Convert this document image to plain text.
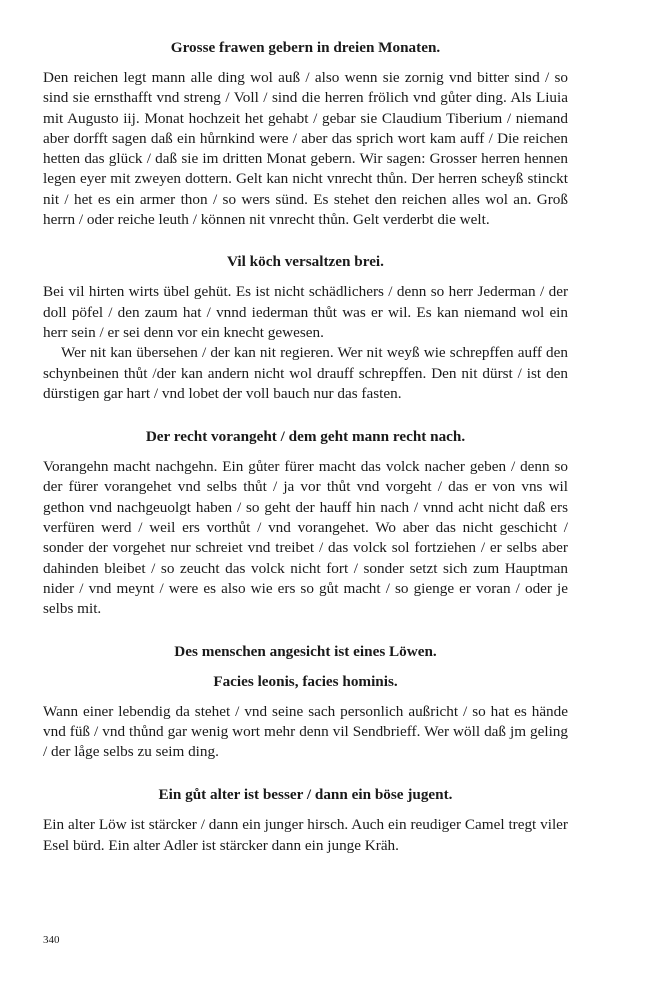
Grosse frawen gebern in dreien Monaten.

Den reichen legt mann alle ding wol auß / also wenn sie zornig vnd bitter sind / so sind sie ernsthafft vnd streng / Voll / sind die herren frölich vnd gůter ding. Als Liuia mit Augusto iij. Monat hochzeit het gehabt / gebar sie Claudium Tiberium / niemand aber dorfft sagen daß ein hůrnkind were / aber das sprich wort kam auff / Die reichen hetten das glück / daß sie im dritten Monat gebern. Wir sagen: Grosser herren hennen legen eyer mit zweyen dottern. Gelt kan nicht vnrecht thůn. Der herren scheyß stinckt nit / het es ein armer thon / so wers sünd. Es stehet den reichen alles wol an. Groß herrn / oder reiche leuth / können nit vnrecht thůn. Gelt verderbt die welt.

Vil köch versaltzen brei.

Bei vil hirten wirts übel gehüt. Es ist nicht schädlichers / denn so herr Jederman / der doll pöfel / den zaum hat / vnnd iederman thůt was er wil. Es kan niemand wol ein herr sein / er sei denn vor ein knecht gewesen.

Wer nit kan übersehen / der kan nit regieren. Wer nit weyß wie schrepffen auff den schynbeinen thůt /der kan andern nicht wol drauff schrepffen. Den nit dürst / ist den dürstigen gar hart / vnd lobet der voll bauch nur das fasten.

Der recht vorangeht / dem geht mann recht nach.

Vorangehn macht nachgehn. Ein gůter fürer macht das volck nacher geben / denn so der fürer vorangehet vnd selbs thůt / ja vor thůt vnd vorgeht / das er von vns wil gethon vnd nachgeuolgt haben / so geht der hauff hin nach / vnnd acht nicht daß ers verfüren werd / weil ers vorthůt / vnd vorangehet. Wo aber das nicht geschicht / sonder der vorgehet nur schreiet vnd treibet / das volck sol fortziehen / er selbs aber dahinden bleibet / so zeucht das volck nicht fort / sonder setzt sich zum Hauptman nider / vnd meynt / were es also wie ers so gůt macht / so gienge er voran / oder je selbs mit.

Des menschen angesicht ist eines Löwen.

Facies leonis, facies hominis.

Wann einer lebendig da stehet / vnd seine sach personlich außricht / so hat es hände vnd füß / vnd thůnd gar wenig wort mehr denn vil Sendbrieff. Wer wöll daß jm geling / der låge selbs zu seim ding.

Ein gůt alter ist besser / dann ein böse jugent.

Ein alter Löw ist stärcker / dann ein junger hirsch. Auch ein reudiger Camel tregt viler Esel bürd. Ein alter Adler ist stärcker dann ein junge Kräh.

340
